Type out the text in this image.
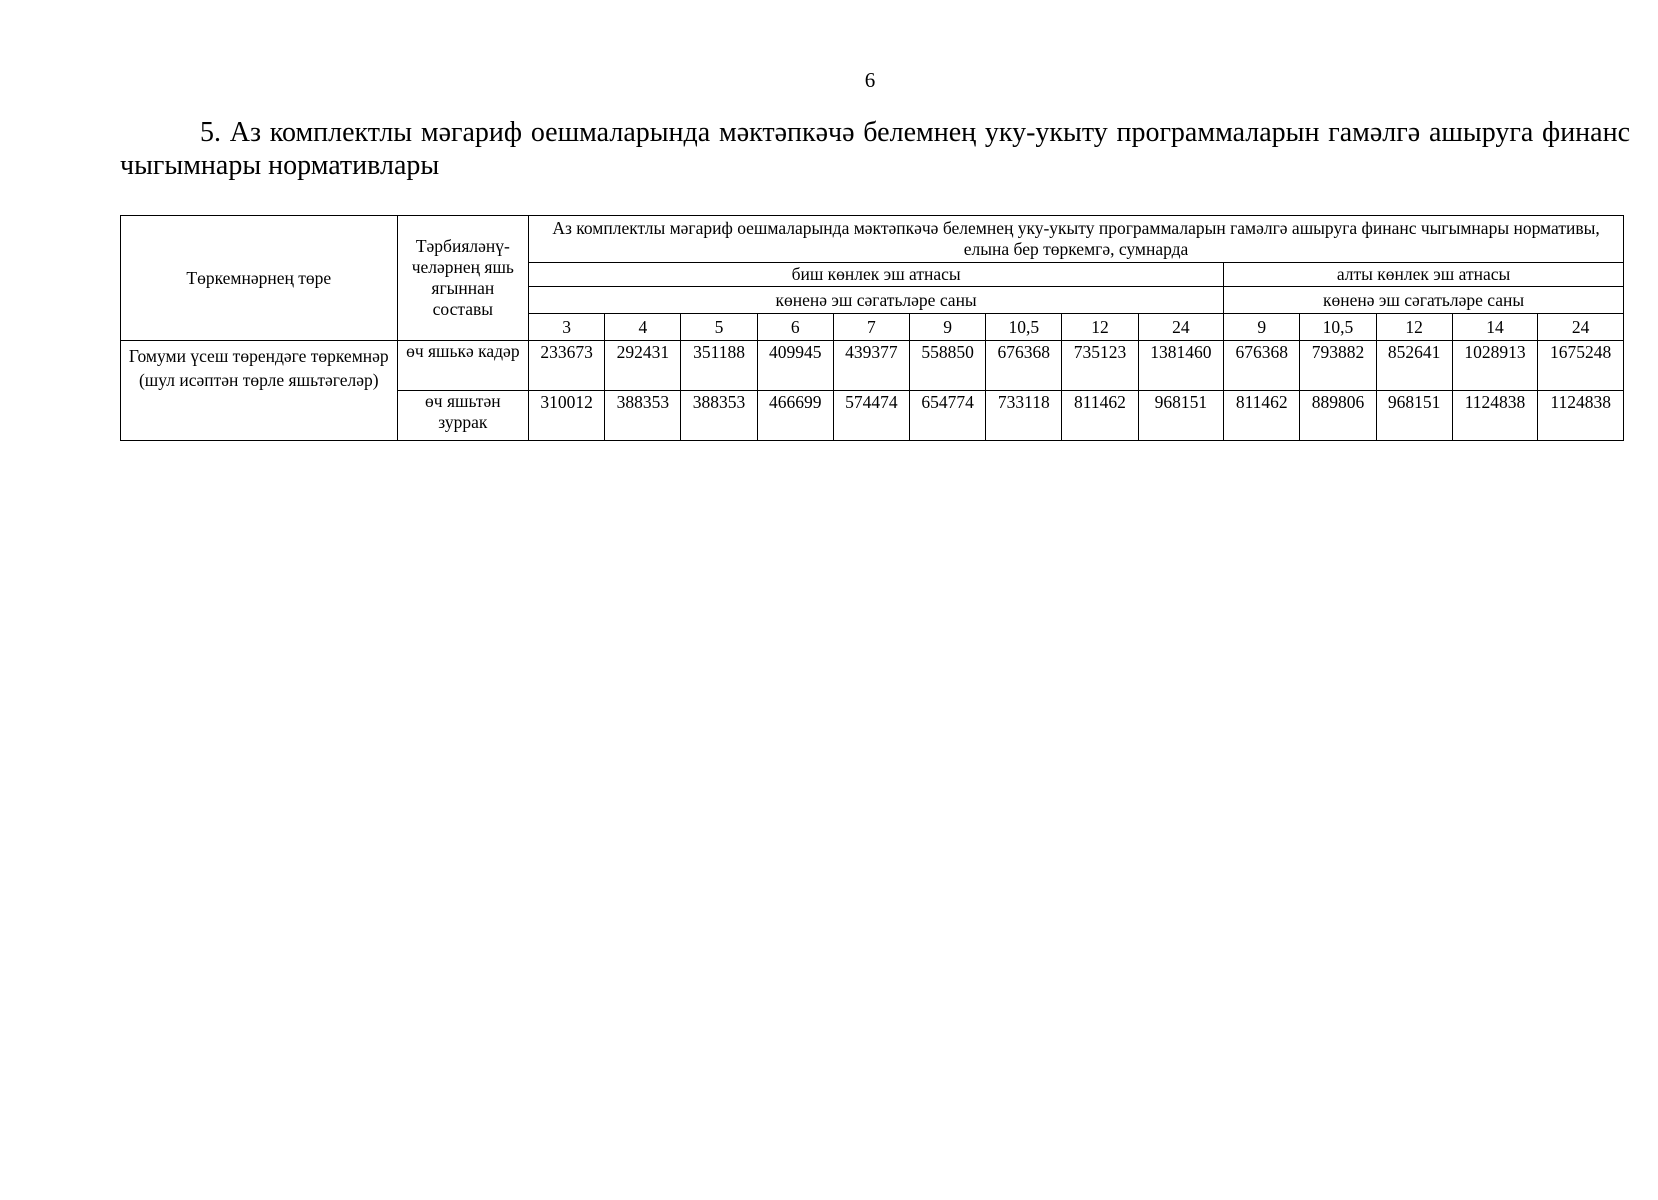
6
5. Аз комплектлы мәгариф оешмаларында мәктәпкәчә белемнең уку-укыту программаларын гамәлгә ашыруга финанс чыгымнары нормативлары
Төркемнәрнең төре	Тәрбияләнү-челәрнең яшь ягыннан составы	Аз комплектлы мәгариф оешмаларында мәктәпкәчә белемнең уку-укыту программаларын гамәлгә ашыруга финанс чыгымнары нормативы, елына бер төркемгә, сумнарда													
		биш көнлек эш атнасы									алты көнлек эш атнасы				
		көненә эш сәгатьләре саны									көненә эш сәгатьләре саны				
		3	4	5	6	7	9	10,5	12	24	9	10,5	12	14	24
Гомуми үсеш төрендәге төркемнәр (шул исәптән төрле яшьтәгеләр)	өч яшькә кадәр	233673	292431	351188	409945	439377	558850	676368	735123	1381460	676368	793882	852641	1028913	1675248
	өч яшьтән зуррак	310012	388353	388353	466699	574474	654774	733118	811462	968151	811462	889806	968151	1124838	1124838
